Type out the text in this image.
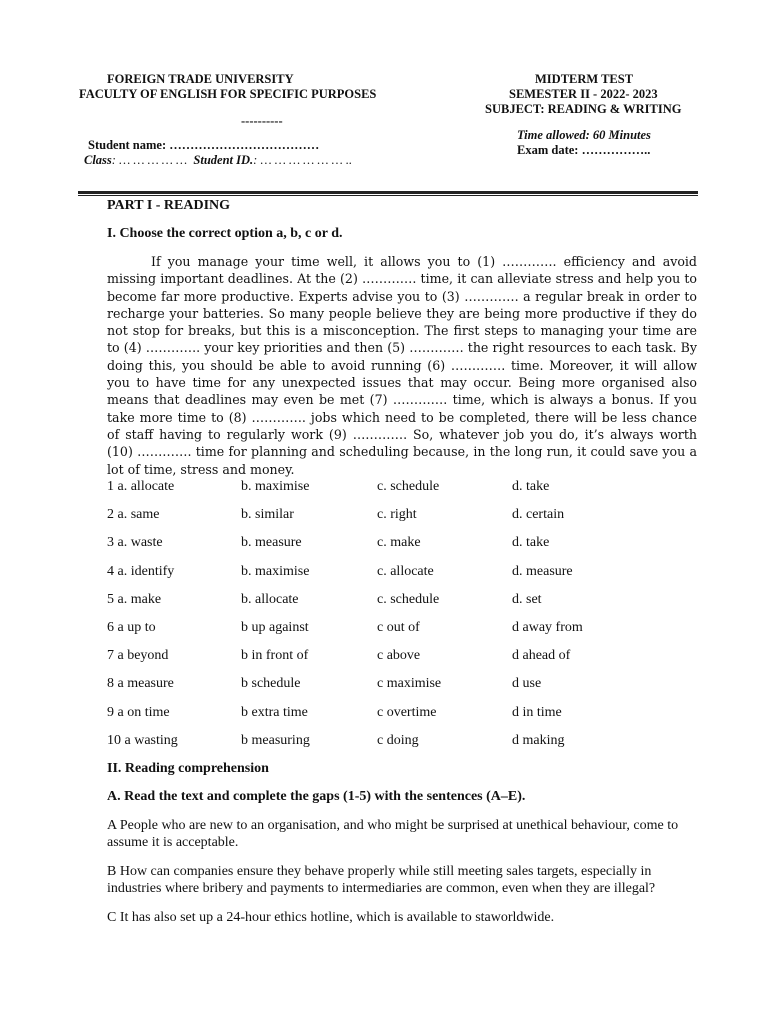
FOREIGN TRADE UNIVERSITY
FACULTY OF ENGLISH FOR SPECIFIC PURPOSES
----------
Student name: ………………………………
Class: … … … … … Student ID.: … … … … … … ..
MIDTERM TEST
SEMESTER II - 2022- 2023
SUBJECT: READING & WRITING
Time allowed: 60 Minutes
Exam date: ……………..
PART I - READING
I. Choose the correct option a, b, c or d.

If you manage your time well, it allows you to (1) …………. efficiency and avoid missing important deadlines. At the (2) …………. time, it can alleviate stress and help you to become far more productive. Experts advise you to (3) …………. a regular break in order to recharge your batteries. So many people believe they are being more productive if they do not stop for breaks, but this is a misconception. The first steps to managing your time are to (4) …………. your key priorities and then (5) …………. the right resources to each task. By doing this, you should be able to avoid running (6) …………. time. Moreover, it will allow you to have time for any unexpected issues that may occur. Being more organised also means that deadlines may even be met (7) …………. time, which is always a bonus. If you take more time to (8) …………. jobs which need to be completed, there will be less chance of staff having to regularly work (9) …………. So, whatever job you do, it’s always worth (10) …………. time for planning and scheduling because, in the long run, it could save you a lot of time, stress and money.

1 a. allocate	b. maximise	c. schedule	d. take
2 a. same	b. similar	c. right	d. certain
3 a. waste	b. measure	c. make	d. take
4 a. identify	b. maximise	c. allocate	d. measure
5 a. make	b. allocate	c. schedule	d. set
6 a up to	b up against	c out of	d away from
7 a beyond	b in front of	c above	d ahead of
8 a measure	b schedule	c maximise	d use
9 a on time	b extra time	c overtime	d in time
10 a wasting	b measuring	c doing	d making
II. Reading comprehension
A. Read the text and complete the gaps (1-5) with the sentences (A–E).
A People who are new to an organisation, and who might be surprised at unethical behaviour, come to assume it is acceptable.
B How can companies ensure they behave properly while still meeting sales targets, especially in industries where bribery and payments to intermediaries are common, even when they are illegal?
C It has also set up a 24-hour ethics hotline, which is available to staworldwide.
